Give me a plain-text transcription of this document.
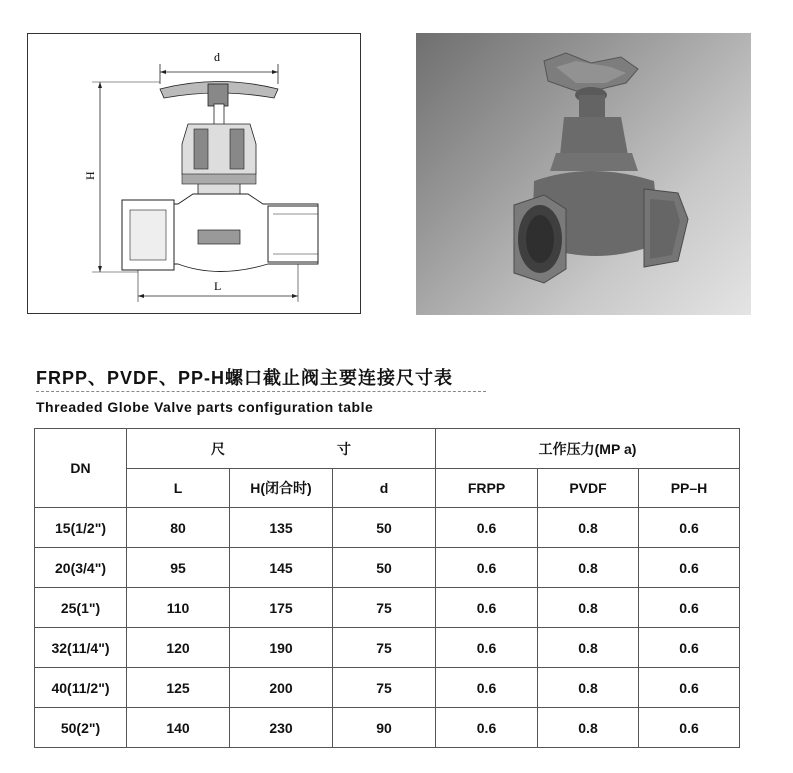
d
H
L
FRPP、PVDF、PP-H螺口截止阀主要连接尺寸表
Threaded Globe Valve parts configuration table
DN	尺 寸			工作压力(MP a)		
	L	H(闭合时)	d	FRPP	PVDF	PP–H
15(1/2")	80	135	50	0.6	0.8	0.6
20(3/4")	95	145	50	0.6	0.8	0.6
25(1")	110	175	75	0.6	0.8	0.6
32(11/4")	120	190	75	0.6	0.8	0.6
40(11/2")	125	200	75	0.6	0.8	0.6
50(2")	140	230	90	0.6	0.8	0.6
